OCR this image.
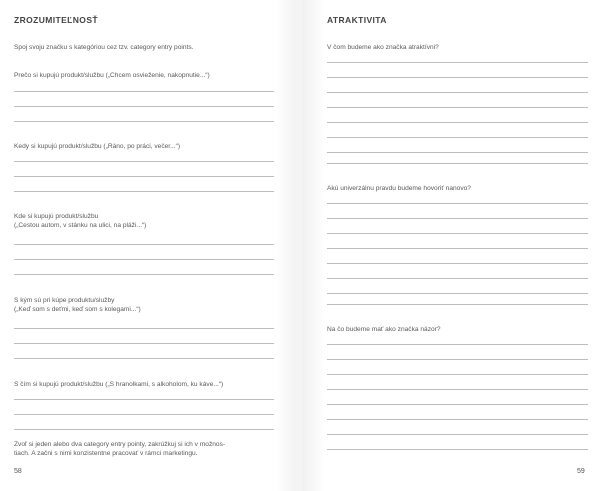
ZROZUMITEĽNOSŤ
Spoj svoju značku s kategóriou cez tzv. category entry points.
Prečo si kupujú produkt/službu („Chcem osvieženie, nakopnutie...“)
Kedy si kupujú produkt/službu („Ráno, po práci, večer...“)
Kde si kupujú produkt/službu
(„Cestou autom, v stánku na ulici, na pláži...“)
S kým sú pri kúpe produktu/služby
(„Keď som s deťmi, keď som s kolegami...“)
S čím si kupujú produkt/službu („S hranolkami, s alkoholom, ku káve...“)
Zvoľ si jeden alebo dva category entry pointy, zakrúžkuj si ich v možnos-
tiach. A začni s nimi konzistentne pracovať v rámci marketingu.
58
ATRAKTIVITA
V čom budeme ako značka atraktívni?
Akú univerzálnu pravdu budeme hovoriť nanovo?
Na čo budeme mať ako značka názor?
59
